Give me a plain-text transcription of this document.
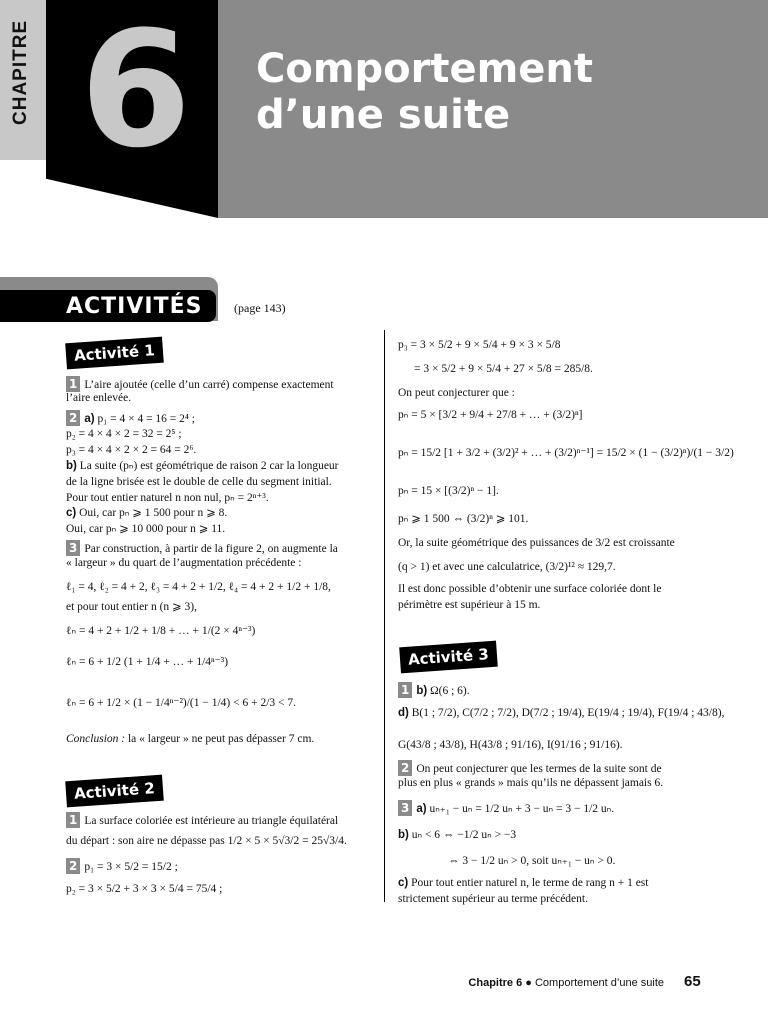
CHAPITRE 6 Comportement
d’une suite
ACTIVITÉS	(page 143)
Activité 1
1 L’aire ajoutée (celle d’un carré) compense exactement
l’aire enlevée.
2 a) p₁ = 4 × 4 = 16 = 2⁴ ;
p₂ = 4 × 4 × 2 = 32 = 2⁵ ;
p₃ = 4 × 4 × 2 × 2 = 64 = 2⁶.
b) La suite (pₙ) est géométrique de raison 2 car la longueur
de la ligne brisée est le double de celle du segment initial.
Pour tout entier naturel n non nul, pₙ = 2ⁿ⁺³.
c) Oui, car pₙ ⩾ 1 500 pour n ⩾ 8.
Oui, car pₙ ⩾ 10 000 pour n ⩾ 11.
3 Par construction, à partir de la figure 2, on augmente la
« largeur » du quart de l’augmentation précédente :
ℓ₁ = 4, ℓ₂ = 4 + 2, ℓ₃ = 4 + 2 + 1/2, ℓ₄ = 4 + 2 + 1/2 + 1/8,
et pour tout entier n (n ⩾ 3),
ℓₙ = 4 + 2 + 1/2 + 1/8 + … + 1/(2 × 4ⁿ⁻³)
ℓₙ = 6 + 1/2 (1 + 1/4 + … + 1/4ⁿ⁻³)
ℓₙ = 6 + 1/2 × (1 − 1/4ⁿ⁻²)/(1 − 1/4) < 6 + 2/3 < 7.
Conclusion : la « largeur » ne peut pas dépasser 7 cm.
Activité 2
1 La surface coloriée est intérieure au triangle équilatéral
du départ : son aire ne dépasse pas 1/2 × 5 × 5√3/2 = 25√3/4.
2 p₁ = 3 × 5/2 = 15/2 ;
p₂ = 3 × 5/2 + 3 × 3 × 5/4 = 75/4 ;
p₃ = 3 × 5/2 + 9 × 5/4 + 9 × 3 × 5/8
= 3 × 5/2 + 9 × 5/4 + 27 × 5/8 = 285/8.
On peut conjecturer que :
pₙ = 5 × [3/2 + 9/4 + 27/8 + … + (3/2)ⁿ]
pₙ = 15/2 [1 + 3/2 + (3/2)² + … + (3/2)ⁿ⁻¹] = 15/2 × (1 − (3/2)ⁿ)/(1 − 3/2)
pₙ = 15 × [(3/2)ⁿ − 1].
pₙ ⩾ 1 500 ⇔ (3/2)ⁿ ⩾ 101.
Or, la suite géométrique des puissances de 3/2 est croissante
(q > 1) et avec une calculatrice, (3/2)¹² ≈ 129,7.
Il est donc possible d’obtenir une surface coloriée dont le
périmètre est supérieur à 15 m.
Activité 3
1 b) Ω(6 ; 6).
d) B(1 ; 7/2), C(7/2 ; 7/2), D(7/2 ; 19/4), E(19/4 ; 19/4), F(19/4 ; 43/8),
G(43/8 ; 43/8), H(43/8 ; 91/16), I(91/16 ; 91/16).
2 On peut conjecturer que les termes de la suite sont de
plus en plus « grands » mais qu’ils ne dépassent jamais 6.
3 a) uₙ₊₁ − uₙ = 1/2 uₙ + 3 − uₙ = 3 − 1/2 uₙ.
b) uₙ < 6 ⇔ −1/2 uₙ > −3
⇔ 3 − 1/2 uₙ > 0, soit uₙ₊₁ − uₙ > 0.
c) Pour tout entier naturel n, le terme de rang n + 1 est
strictement supérieur au terme précédent.
Chapitre 6 ● Comportement d’une suite 65
